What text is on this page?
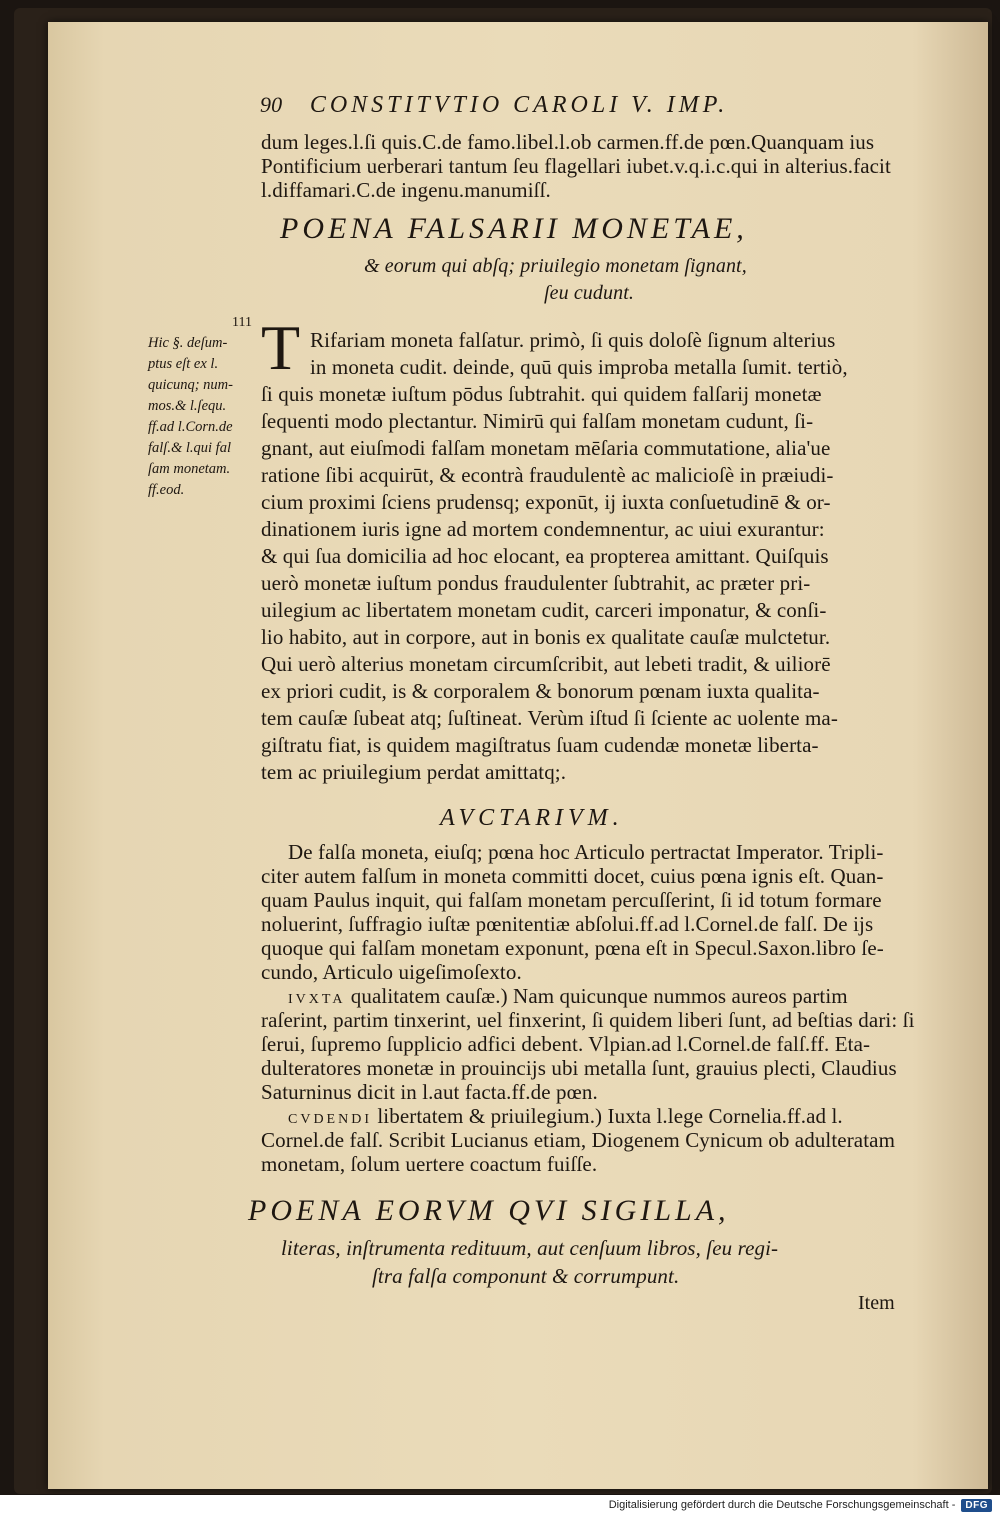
90 CONSTITVTIO CAROLI V. IMP.
dum leges.l.ſi quis.C.de famo.libel.l.ob carmen.ff.de pœn.Quanquam ius
Pontificium uerberari tantum ſeu flagellari iubet.v.q.i.c.qui in alterius.facit
l.diffamari.C.de ingenu.manumiſſ.
POENA FALSARII MONETAE,
& eorum qui abſq; priuilegio monetam ſignant,
ſeu cudunt.
111
Hic §. deſum-
ptus eſt ex l.
quicunq; num-
mos.& l.ſequ.
ff.ad l.Corn.de
falſ.& l.qui fal
ſam monetam.
ff.eod.
T Rifariam moneta falſatur. primò, ſi quis doloſè ſignum alterius
in moneta cudit. deinde, quū quis improba metalla ſumit. tertiò,
ſi quis monetæ iuſtum pōdus ſubtrahit. qui quidem falſarij monetæ
ſequenti modo plectantur. Nimirū qui falſam monetam cudunt, ſi-
gnant, aut eiuſmodi falſam monetam mēſaria commutatione, alia'ue
ratione ſibi acquirūt, & econtrà fraudulentè ac malicioſè in præiudi-
cium proximi ſciens prudensq; exponūt, ij iuxta conſuetudinē & or-
dinationem iuris igne ad mortem condemnentur, ac uiui exurantur:
& qui ſua domicilia ad hoc elocant, ea propterea amittant. Quiſquis
uerò monetæ iuſtum pondus fraudulenter ſubtrahit, ac præter pri-
uilegium ac libertatem monetam cudit, carceri imponatur, & conſi-
lio habito, aut in corpore, aut in bonis ex qualitate cauſæ mulctetur.
Qui uerò alterius monetam circumſcribit, aut lebeti tradit, & uiliorē
ex priori cudit, is & corporalem & bonorum pœnam iuxta qualita-
tem cauſæ ſubeat atq; ſuſtineat. Verùm iſtud ſi ſciente ac uolente ma-
giſtratu fiat, is quidem magiſtratus ſuam cudendæ monetæ liberta-
tem ac priuilegium perdat amittatq;.
AVCTARIVM.
De falſa moneta, eiuſq; pœna hoc Articulo pertractat Imperator. Tripli-
citer autem falſum in moneta committi docet, cuius pœna ignis eſt. Quan-
quam Paulus inquit, qui falſam monetam percuſſerint, ſi id totum formare
noluerint, ſuffragio iuſtæ pœnitentiæ abſolui.ff.ad l.Cornel.de falſ. De ijs
quoque qui falſam monetam exponunt, pœna eſt in Specul.Saxon.libro ſe-
cundo, Articulo uigeſimoſexto.
IVXTA qualitatem cauſæ.) Nam quicunque nummos aureos partim
raſerint, partim tinxerint, uel finxerint, ſi quidem liberi ſunt, ad beſtias dari: ſi
ſerui, ſupremo ſupplicio adfici debent. Vlpian.ad l.Cornel.de falſ.ff. Eta-
dulteratores monetæ in prouincijs ubi metalla ſunt, grauius plecti, Claudius
Saturninus dicit in l.aut facta.ff.de pœn.
CVDENDI libertatem & priuilegium.) Iuxta l.lege Cornelia.ff.ad l.
Cornel.de falſ. Scribit Lucianus etiam, Diogenem Cynicum ob adulteratam
monetam, ſolum uertere coactum fuiſſe.
POENA EORVM QVI SIGILLA,
literas, inſtrumenta redituum, aut cenſuum libros, ſeu regi-
ſtra falſa componunt & corrumpunt.
Item
Digitalisierung gefördert durch die Deutsche Forschungsgemeinschaft -	DFG
